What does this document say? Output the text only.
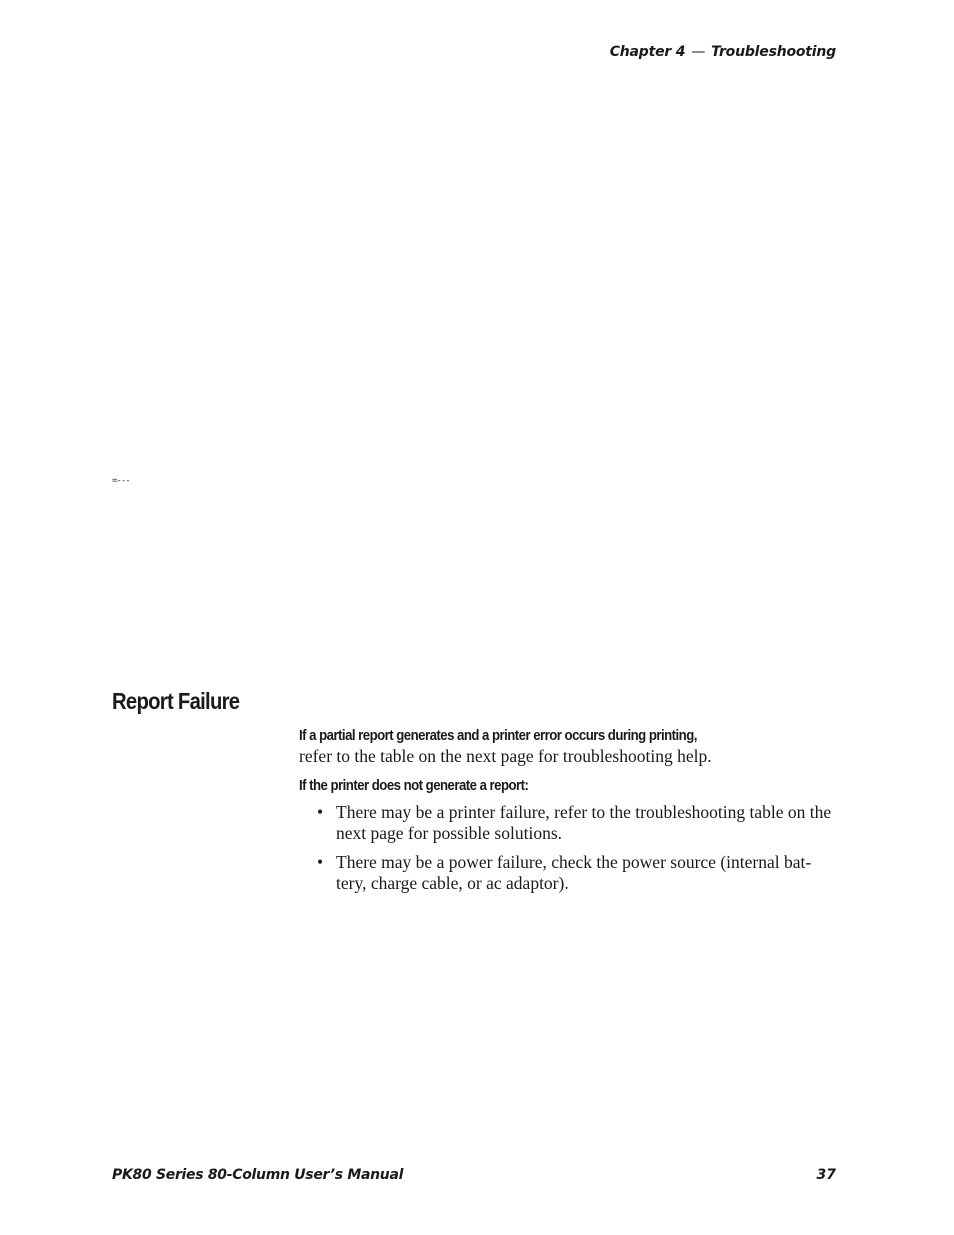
Chapter 4 — Troubleshooting
=---
Report Failure
If a partial report generates and a printer error occurs during printing,

refer to the table on the next page for troubleshooting help.

If the printer does not generate a report:
• There may be a printer failure, refer to the troubleshooting table on the next page for possible solutions.
• There may be a power failure, check the power source (internal bat-tery, charge cable, or ac adaptor).
PK80 Series 80-Column User’s Manual	37
